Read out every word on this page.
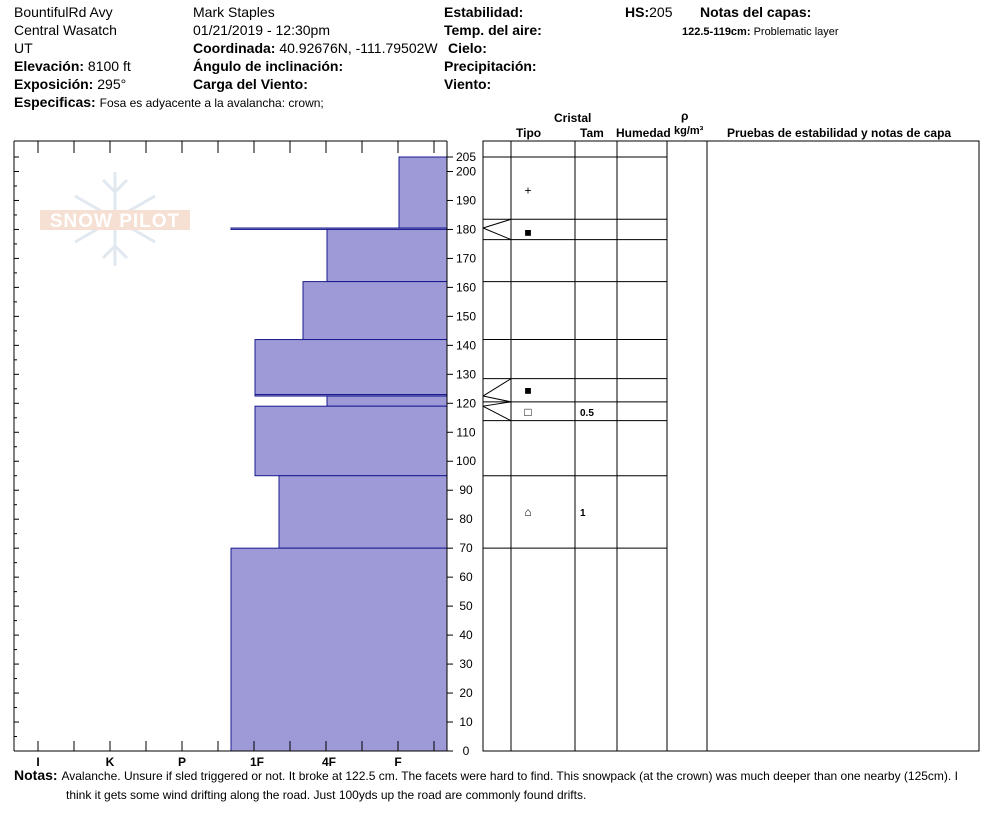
BountifulRd Avy
Central Wasatch
UT
Elevación: 8100 ft
Exposición: 295°
Especificas: Fosa es adyacente a la avalancha: crown;
Mark Staples
01/21/2019 - 12:30pm
Coordinada: 40.92676N, -111.79502W
Ángulo de inclinación:
Carga del Viento:
Estabilidad:
Temp. del aire:
Cielo:
Precipitación:
Viento:
HS:205 Notas del capas:
122.5-119cm: Problematic layer
Cristal
Tipo	Tam Humedad
ρ
kg/m³ Pruebas de estabilidad y notas de capa
SNOW PILOT
I	K	P	1F	4F	F
0
10
20
30
40
50
60
70
80
90
100
110
120
130
140
150
160
170
180
190
200
205
+
■
■
□	0.5
⌂	1
Notas: Avalanche. Unsure if sled triggered or not. It broke at 122.5 cm. The facets were hard to find. This snowpack (at the crown) was much deeper than one nearby (125cm). I
think it gets some wind drifting along the road. Just 100yds up the road are commonly found drifts.
